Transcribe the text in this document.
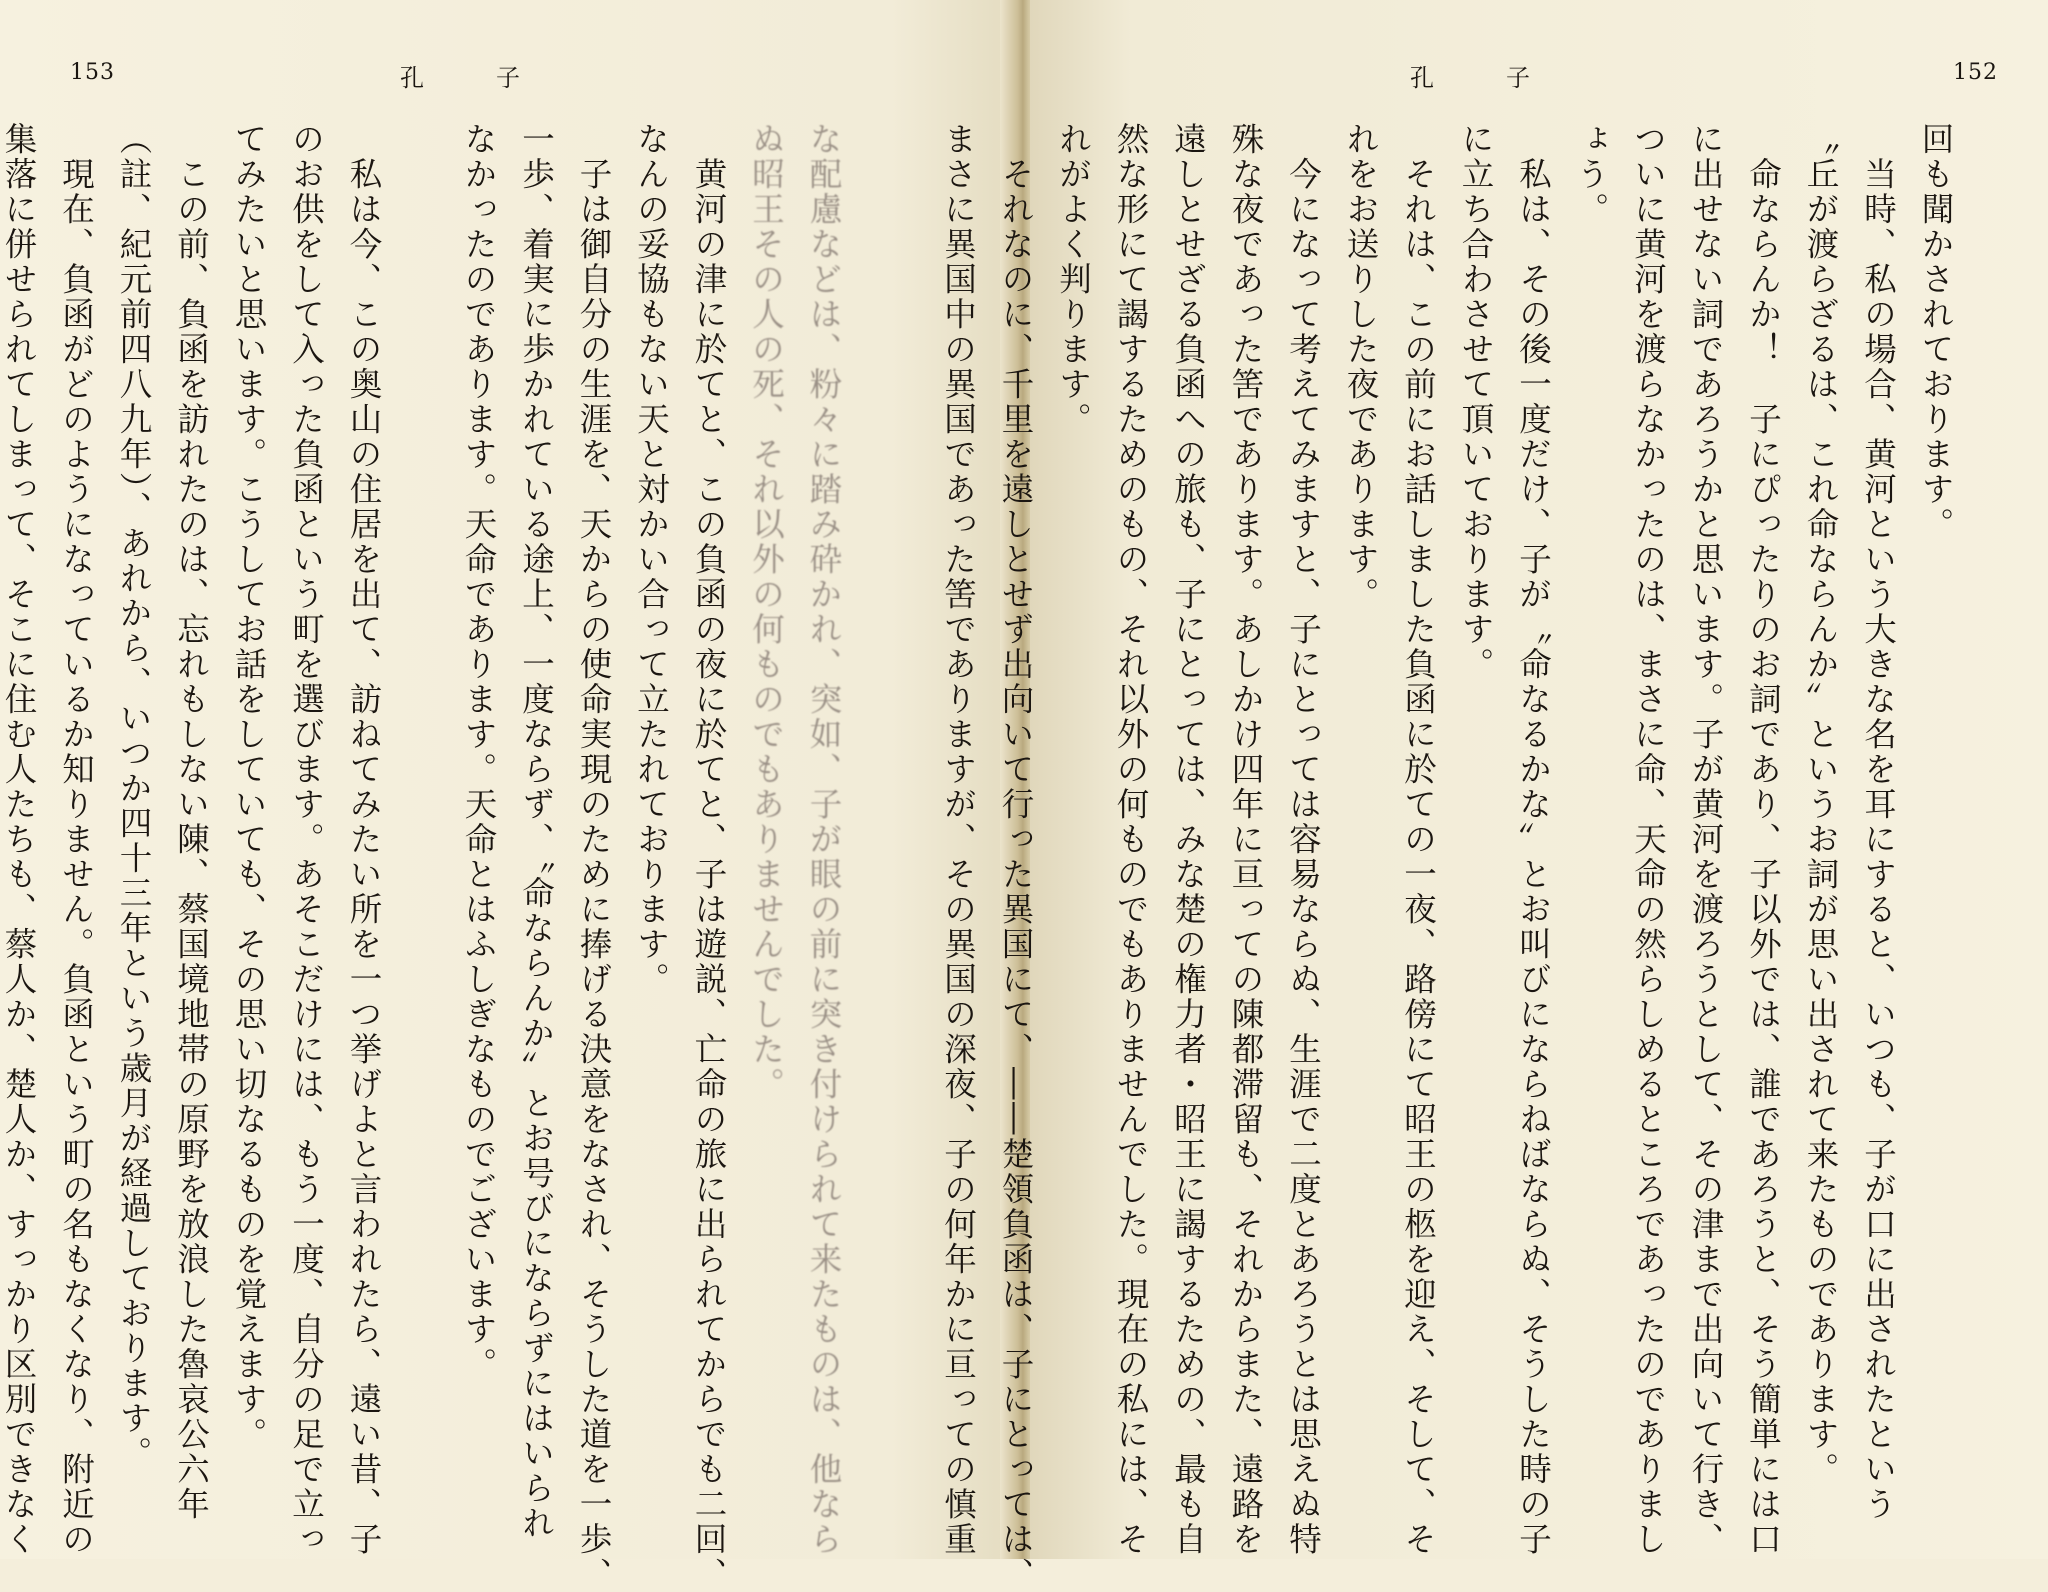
153	孔　　　子
な配慮などは、粉々に踏み砕かれ、突如、子が眼の前に突き付けられて来たものは、他なら
ぬ昭王その人の死、それ以外の何ものでもありませんでした。
　黄河の津に於てと、この負函の夜に於てと、子は遊説、亡命の旅に出られてからでも二回、
なんの妥協もない天と対かい合って立たれております。
　子は御自分の生涯を、天からの使命実現のために捧げる決意をなされ、そうした道を一歩、
一歩、着実に歩かれている途上、一度ならず、〝命ならんか〟とお号びにならずにはいられ
なかったのであります。天命であります。天命とはふしぎなものでございます。

　私は今、この奥山の住居を出て、訪ねてみたい所を一つ挙げよと言われたら、遠い昔、子
のお供をして入った負函という町を選びます。あそこだけには、もう一度、自分の足で立っ
てみたいと思います。こうしてお話をしていても、その思い切なるものを覚えます。
　この前、負函を訪れたのは、忘れもしない陳、蔡国境地帯の原野を放浪した魯哀公六年
（註、紀元前四八九年）、あれから、いつか四十三年という歳月が経過しております。
　現在、負函がどのようになっているか知りません。負函という町の名もなくなり、附近の
集落に併せられてしまって、そこに住む人たちも、蔡人か、楚人か、すっかり区別できなく

孔　　　子	152
回も聞かされております。
　当時、私の場合、黄河という大きな名を耳にすると、いつも、子が口に出されたという
〝丘が渡らざるは、これ命ならんか〟というお詞が思い出されて来たものであります。
　命ならんか！　子にぴったりのお詞であり、子以外では、誰であろうと、そう簡単には口
に出せない詞であろうかと思います。子が黄河を渡ろうとして、その津まで出向いて行き、
ついに黄河を渡らなかったのは、まさに命、天命の然らしめるところであったのでありまし
ょう。
　私は、その後一度だけ、子が〝命なるかな〟とお叫びにならねばならぬ、そうした時の子
に立ち合わさせて頂いております。
　それは、この前にお話しました負函に於ての一夜、路傍にて昭王の柩を迎え、そして、そ
れをお送りした夜であります。
　今になって考えてみますと、子にとっては容易ならぬ、生涯で二度とあろうとは思えぬ特
殊な夜であった筈であります。あしかけ四年に亘っての陳都滞留も、それからまた、遠路を
遠しとせざる負函への旅も、子にとっては、みな楚の権力者・昭王に謁するための、最も自
然な形にて謁するためのもの、それ以外の何ものでもありませんでした。現在の私には、そ
れがよく判ります。
　それなのに、千里を遠しとせず出向いて行った異国にて、――楚領負函は、子にとっては、
まさに異国中の異国であった筈でありますが、その異国の深夜、子の何年かに亘っての慎重
